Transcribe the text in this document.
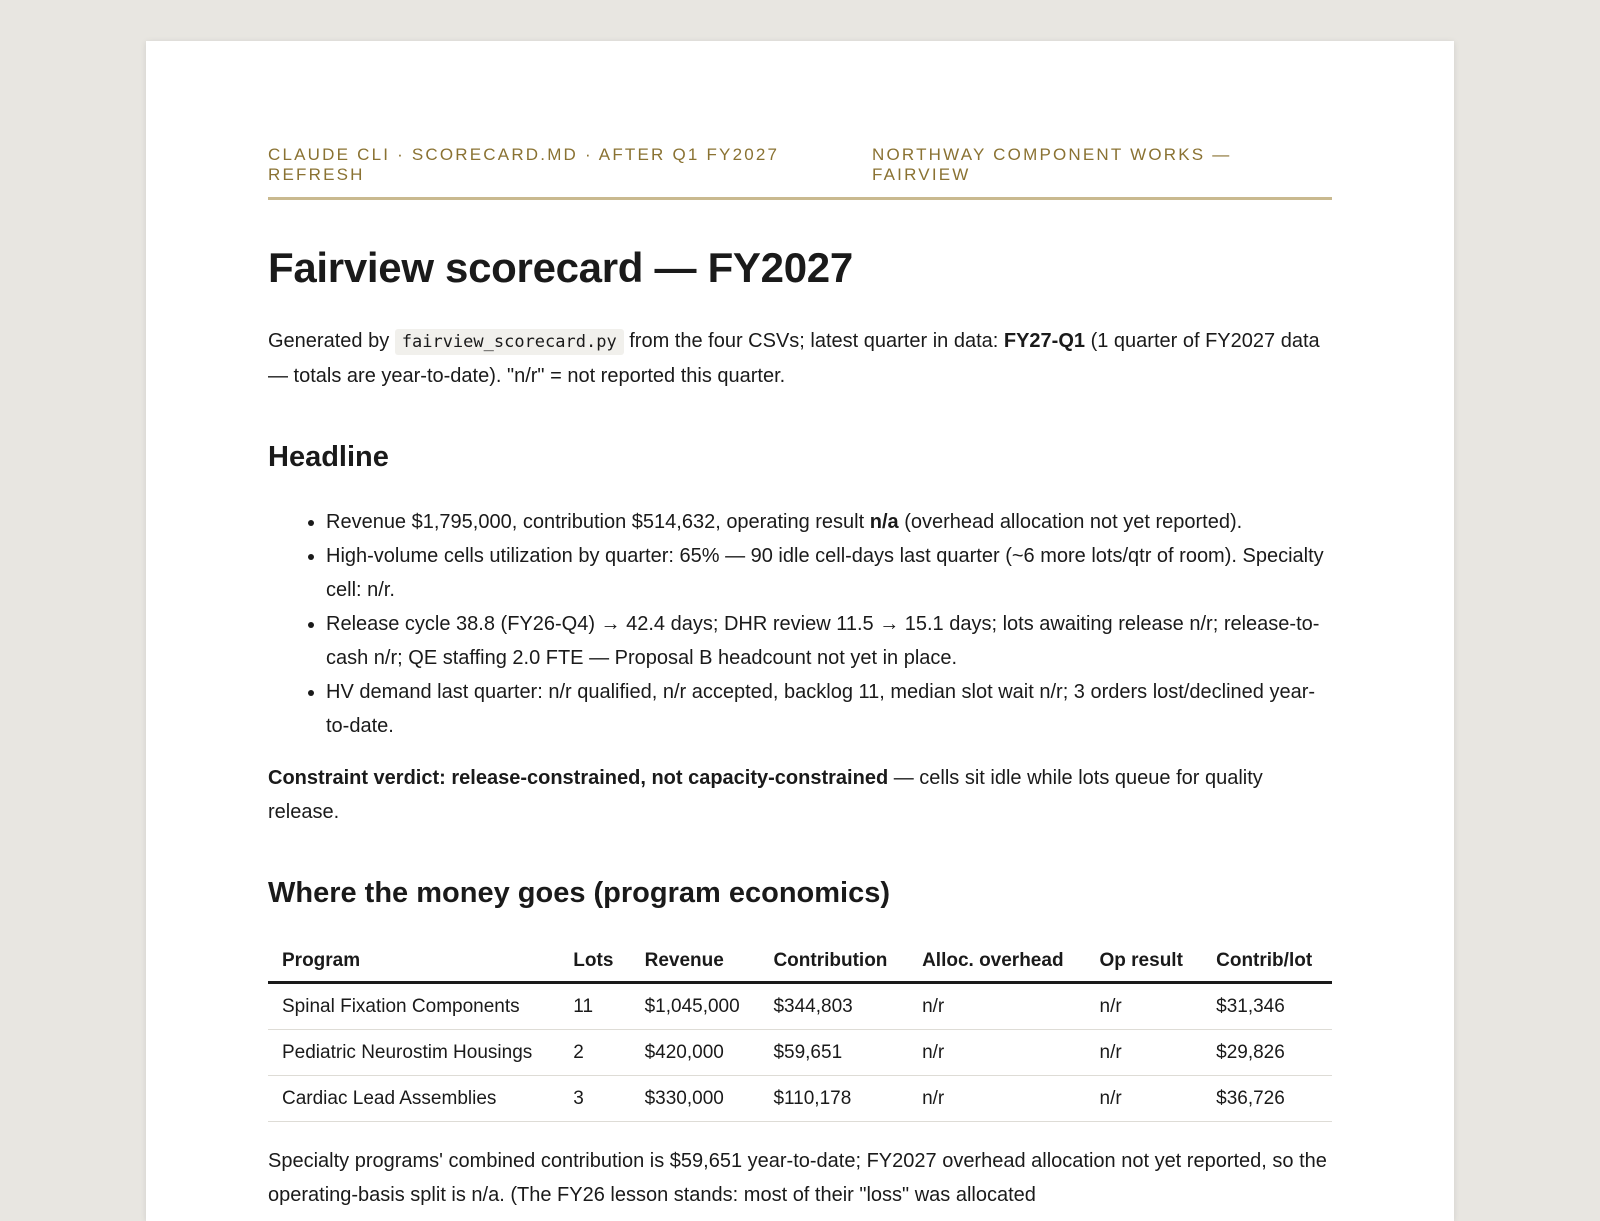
CLAUDE CLI · SCORECARD.MD · AFTER Q1 FY2027 REFRESH
NORTHWAY COMPONENT WORKS — FAIRVIEW
Fairview scorecard — FY2027

Generated by fairview_scorecard.py from the four CSVs; latest quarter in data: FY27-Q1 (1 quarter of FY2027 data — totals are year-to-date). "n/r" = not reported this quarter.

Headline
• Revenue $1,795,000, contribution $514,632, operating result n/a (overhead allocation not yet reported).
• High-volume cells utilization by quarter: 65% — 90 idle cell-days last quarter (~6 more lots/qtr of room). Specialty cell: n/r.
• Release cycle 38.8 (FY26-Q4) → 42.4 days; DHR review 11.5 → 15.1 days; lots awaiting release n/r; release-to-cash n/r; QE staffing 2.0 FTE — Proposal B headcount not yet in place.
• HV demand last quarter: n/r qualified, n/r accepted, backlog 11, median slot wait n/r; 3 orders lost/declined year-to-date.

Constraint verdict: release-constrained, not capacity-constrained — cells sit idle while lots queue for quality release.

Where the money goes (program economics)
Program	Lots	Revenue	Contribution	Alloc. overhead	Op result	Contrib/lot
Spinal Fixation Components	11	$1,045,000	$344,803	n/r	n/r	$31,346
Pediatric Neurostim Housings	2	$420,000	$59,651	n/r	n/r	$29,826
Cardiac Lead Assemblies	3	$330,000	$110,178	n/r	n/r	$36,726

Specialty programs' combined contribution is $59,651 year-to-date; FY2027 overhead allocation not yet reported, so the operating-basis split is n/a. (The FY26 lesson stands: most of their "loss" was allocated
